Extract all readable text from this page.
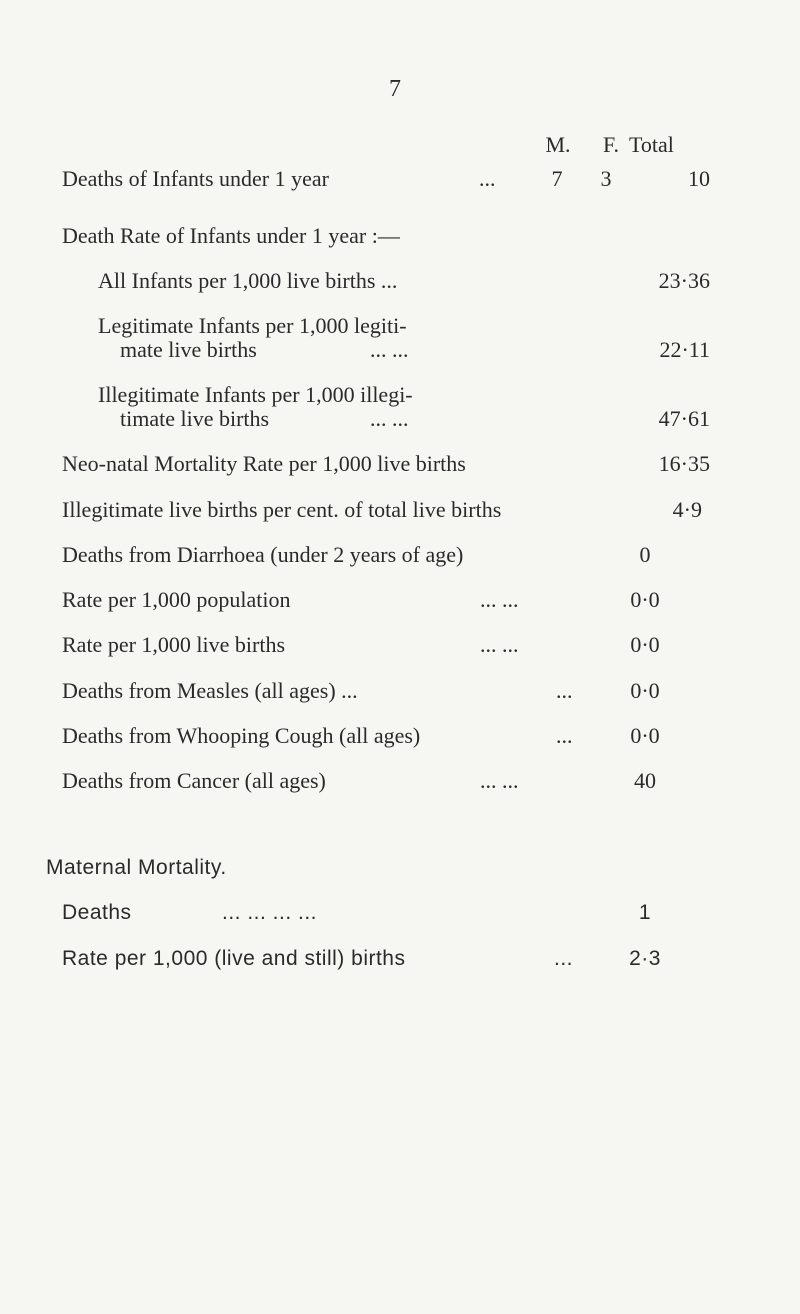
7
M.	F. Total
Deaths of Infants under 1 year	...	7	3	10
Death Rate of Infants under 1 year :—
All Infants per 1,000 live births ...	23·36
Legitimate Infants per 1,000 legiti-
mate live births	... ...	22·11
Illegitimate Infants per 1,000 illegi-
timate live births	... ...	47·61
Neo-natal Mortality Rate per 1,000 live births	16·35
Illegitimate live births per cent. of total live births	4·9
Deaths from Diarrhoea (under 2 years of age)	0
Rate per 1,000 population	... ...	0·0
Rate per 1,000 live births	... ...	0·0
Deaths from Measles (all ages) ...	...	0·0
Deaths from Whooping Cough (all ages)	...	0·0
Deaths from Cancer (all ages)	... ...	40
Maternal Mortality.
Deaths	... ... ... ...	1
Rate per 1,000 (live and still) births	...	2·3
